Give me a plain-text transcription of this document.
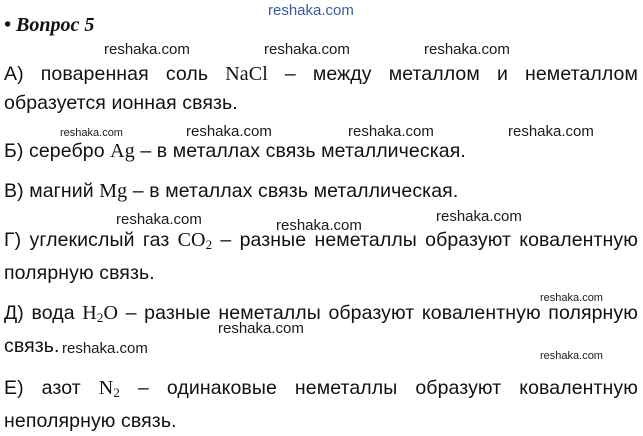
reshaka.com
reshaka.com	reshaka.com	reshaka.com
reshaka.com	reshaka.com	reshaka.com	reshaka.com
reshaka.com	reshaka.com
reshaka.com
reshaka.com
reshaka.com
reshaka.com	reshaka.com
• Вопрос 5
А) поваренная соль NaCl – между металлом и неметаллом образуется ионная связь.
Б) серебро Ag – в металлах связь металлическая.
В) магний Mg – в металлах связь металлическая.
Г) углекислый газ $CO_2$ – разные неметаллы образуют ковалентную полярную связь.
Д) вода $H_2O$ – разные неметаллы образуют ковалентную полярную связь.
Е) азот $N_2$ – одинаковые неметаллы образуют ковалентную неполярную связь.
